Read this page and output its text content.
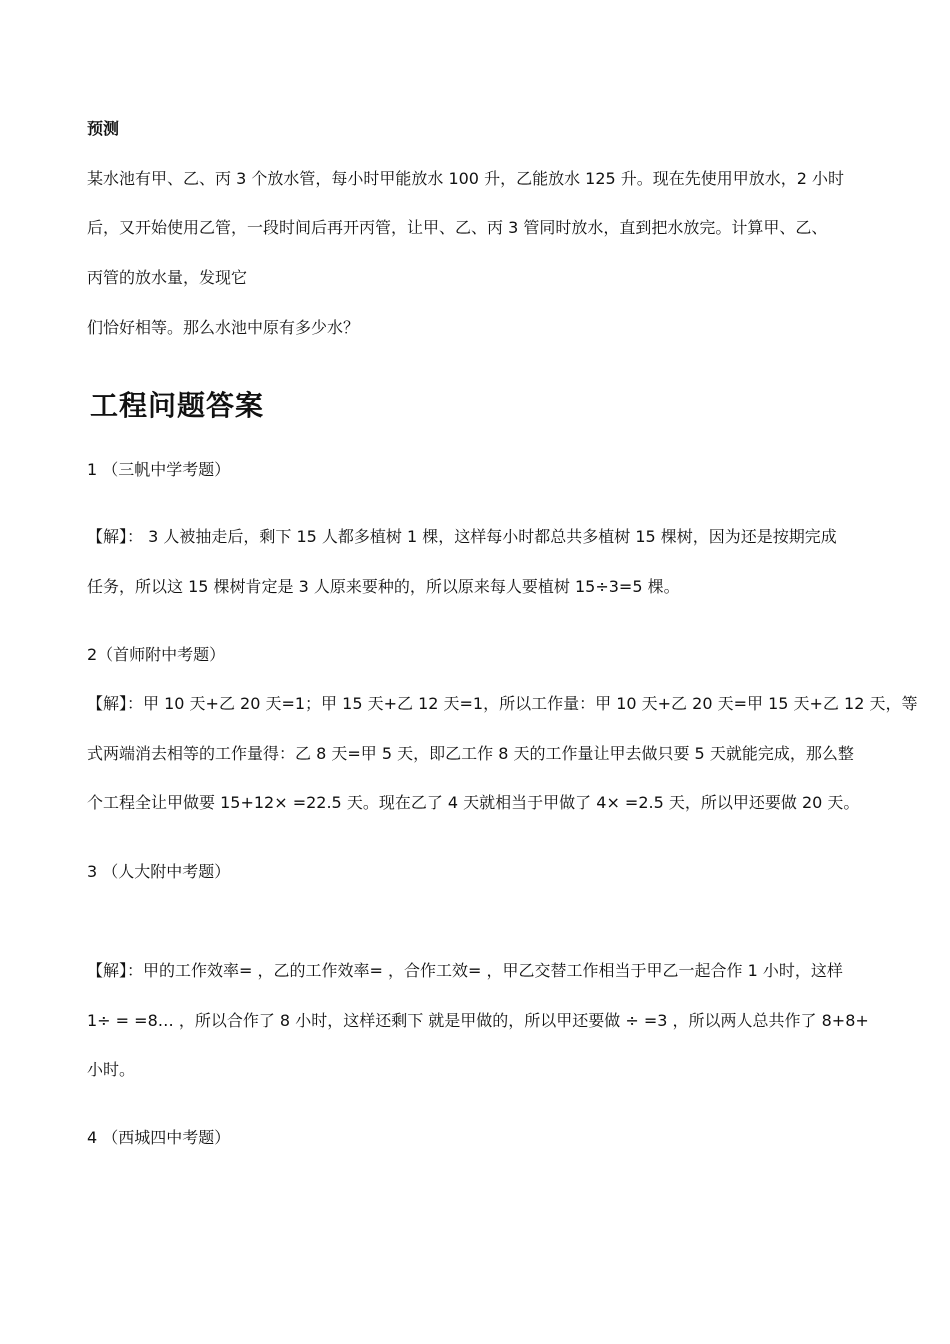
预测
某水池有甲、乙、丙 3 个放水管，每小时甲能放水 100 升，乙能放水 125 升。现在先使用甲放水，2 小时
后，又开始使用乙管，一段时间后再开丙管，让甲、乙、丙 3 管同时放水，直到把水放完。计算甲、乙、
丙管的放水量，发现它
们恰好相等。那么水池中原有多少水？
工程问题答案
1 （三帆中学考题）
【解】： 3 人被抽走后，剩下 15 人都多植树 1 棵，这样每小时都总共多植树 15 棵树，因为还是按期完成
任务，所以这 15 棵树肯定是 3 人原来要种的，所以原来每人要植树 15÷3=5 棵。
2（首师附中考题）
【解】：甲 10 天+乙 20 天=1；甲 15 天+乙 12 天=1，所以工作量：甲 10 天+乙 20 天=甲 15 天+乙 12 天，等
式两端消去相等的工作量得：乙 8 天=甲 5 天，即乙工作 8 天的工作量让甲去做只要 5 天就能完成，那么整
个工程全让甲做要 15+12× =22.5 天。现在乙了 4 天就相当于甲做了 4× =2.5 天，所以甲还要做 20 天。
3 （人大附中考题）
【解】：甲的工作效率= ，乙的工作效率= ，合作工效= ，甲乙交替工作相当于甲乙一起合作 1 小时，这样
1÷ = =8… ，所以合作了 8 小时，这样还剩下 就是甲做的，所以甲还要做 ÷ =3 ，所以两人总共作了 8+8+
小时。
4 （西城四中考题）
